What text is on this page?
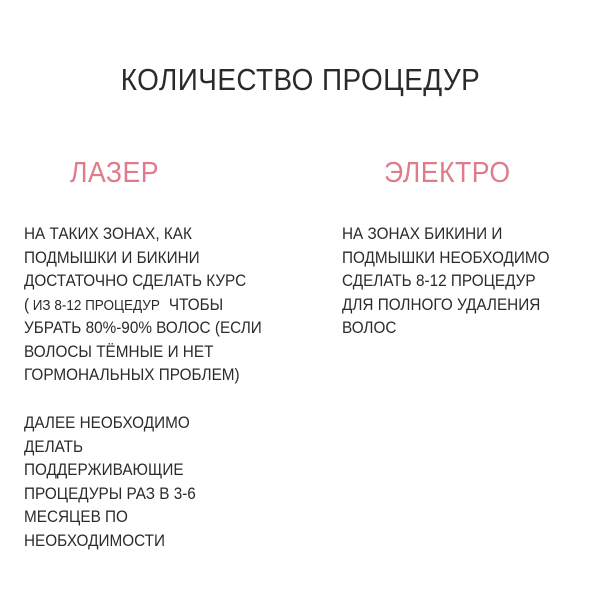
КОЛИЧЕСТВО ПРОЦЕДУР
ЛАЗЕР	ЭЛЕКТРО
НА ТАКИХ ЗОНАХ, КАК
ПОДМЫШКИ И БИКИНИ
ДОСТАТОЧНО СДЕЛАТЬ КУРС
( ИЗ 8-12 ПРОЦЕДУР ЧТОБЫ
УБРАТЬ 80%-90% ВОЛОС (ЕСЛИ
ВОЛОСЫ ТЁМНЫЕ И НЕТ
ГОРМОНАЛЬНЫХ ПРОБЛЕМ)
ДАЛЕЕ НЕОБХОДИМО
ДЕЛАТЬ
ПОДДЕРЖИВАЮЩИЕ
ПРОЦЕДУРЫ РАЗ В 3-6
МЕСЯЦЕВ ПО
НЕОБХОДИМОСТИ
НА ЗОНАХ БИКИНИ И
ПОДМЫШКИ НЕОБХОДИМО
СДЕЛАТЬ 8-12 ПРОЦЕДУР
ДЛЯ ПОЛНОГО УДАЛЕНИЯ
ВОЛОС
